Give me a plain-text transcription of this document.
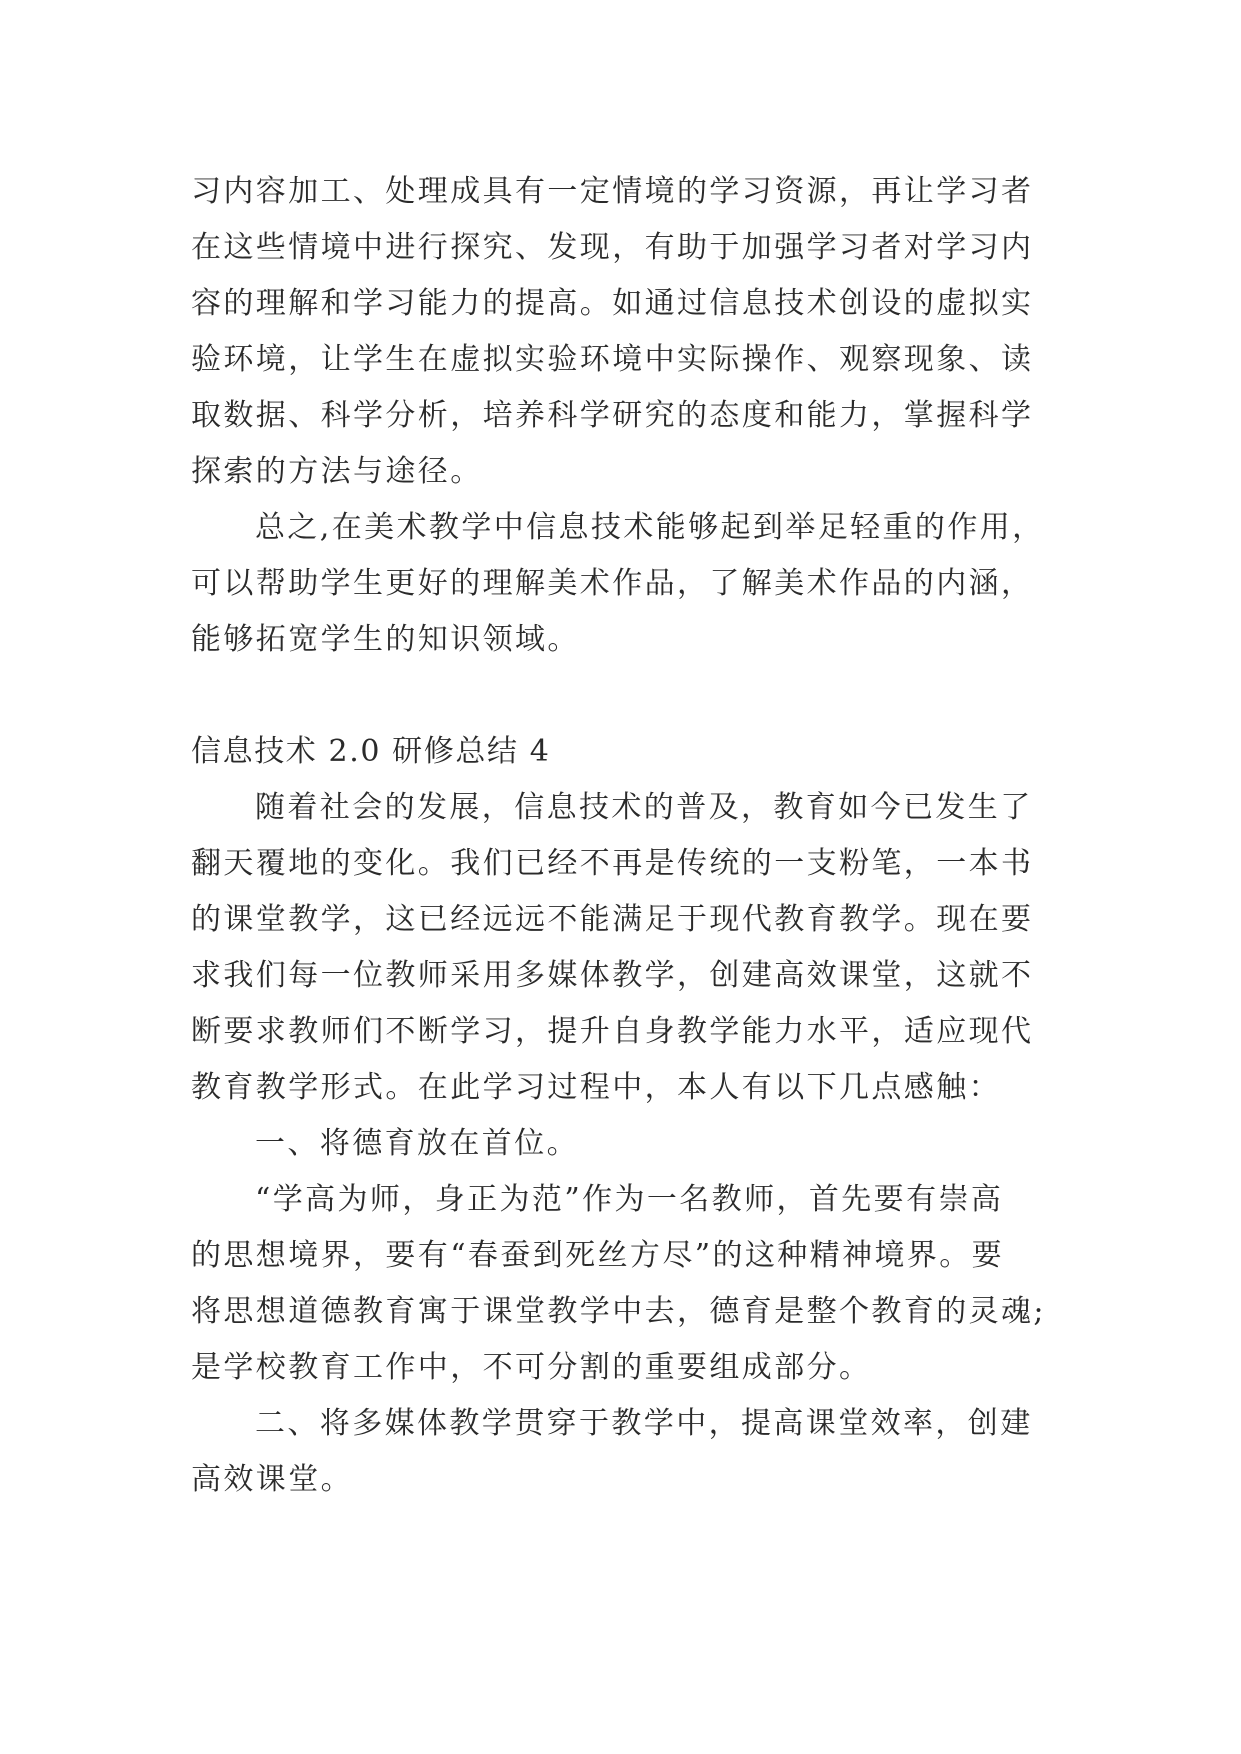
习内容加工、处理成具有一定情境的学习资源，再让学习者
在这些情境中进行探究、发现，有助于加强学习者对学习内
容的理解和学习能力的提高。如通过信息技术创设的虚拟实
验环境，让学生在虚拟实验环境中实际操作、观察现象、读
取数据、科学分析，培养科学研究的态度和能力，掌握科学
探索的方法与途径。
总之,在美术教学中信息技术能够起到举足轻重的作用，
可以帮助学生更好的理解美术作品，了解美术作品的内涵，
能够拓宽学生的知识领域。
信息技术 2.0 研修总结 4
随着社会的发展，信息技术的普及，教育如今已发生了
翻天覆地的变化。我们已经不再是传统的一支粉笔，一本书
的课堂教学，这已经远远不能满足于现代教育教学。现在要
求我们每一位教师采用多媒体教学，创建高效课堂，这就不
断要求教师们不断学习，提升自身教学能力水平，适应现代
教育教学形式。在此学习过程中，本人有以下几点感触：
一、将德育放在首位。
“学高为师，身正为范”作为一名教师，首先要有崇高
的思想境界，要有“春蚕到死丝方尽”的这种精神境界。要
将思想道德教育寓于课堂教学中去，德育是整个教育的灵魂;
是学校教育工作中，不可分割的重要组成部分。
二、将多媒体教学贯穿于教学中，提高课堂效率，创建
高效课堂。
